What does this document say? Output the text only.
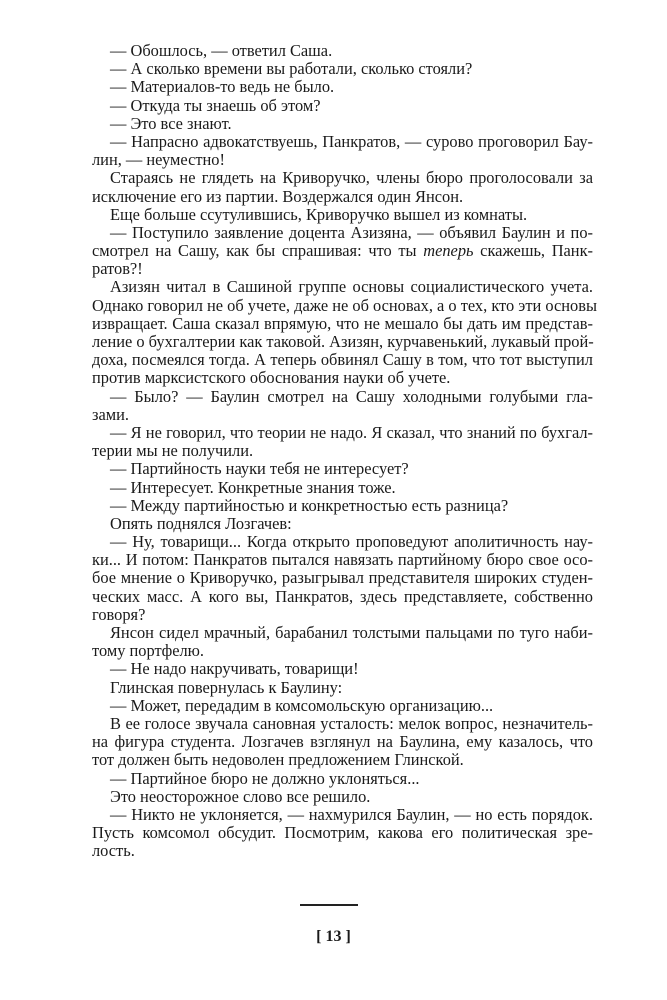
— Обошлось, — ответил Саша.
— А сколько времени вы работали, сколько стояли?
— Материалов-то ведь не было.
— Откуда ты знаешь об этом?
— Это все знают.
— Напрасно адвокатствуешь, Панкратов, — сурово проговорил Бау-
лин, — неуместно!
Стараясь не глядеть на Криворучко, члены бюро проголосовали за
исключение его из партии. Воздержался один Янсон.
Еще больше ссутулившись, Криворучко вышел из комнаты.
— Поступило заявление доцента Азизяна, — объявил Баулин и по-
смотрел на Сашу, как бы спрашивая: что ты теперь скажешь, Панк-
ратов?!
Азизян читал в Сашиной группе основы социалистического учета.
Однако говорил не об учете, даже не об основах, а о тех, кто эти основы
извращает. Саша сказал впрямую, что не мешало бы дать им представ-
ление о бухгалтерии как таковой. Азизян, курчавенький, лукавый прой-
доха, посмеялся тогда. А теперь обвинял Сашу в том, что тот выступил
против марксистского обоснования науки об учете.
— Было? — Баулин смотрел на Сашу холодными голубыми гла-
зами.
— Я не говорил, что теории не надо. Я сказал, что знаний по бухгал-
терии мы не получили.
— Партийность науки тебя не интересует?
— Интересует. Конкретные знания тоже.
— Между партийностью и конкретностью есть разница?
Опять поднялся Лозгачев:
— Ну, товарищи... Когда открыто проповедуют аполитичность нау-
ки... И потом: Панкратов пытался навязать партийному бюро свое осо-
бое мнение о Криворучко, разыгрывал представителя широких студен-
ческих масс. А кого вы, Панкратов, здесь представляете, собственно
говоря?
Янсон сидел мрачный, барабанил толстыми пальцами по туго наби-
тому портфелю.
— Не надо накручивать, товарищи!
Глинская повернулась к Баулину:
— Может, передадим в комсомольскую организацию...
В ее голосе звучала сановная усталость: мелок вопрос, незначитель-
на фигура студента. Лозгачев взглянул на Баулина, ему казалось, что
тот должен быть недоволен предложением Глинской.
— Партийное бюро не должно уклоняться...
Это неосторожное слово все решило.
— Никто не уклоняется, — нахмурился Баулин, — но есть порядок.
Пусть комсомол обсудит. Посмотрим, какова его политическая зре-
лость.
[ 13 ]
